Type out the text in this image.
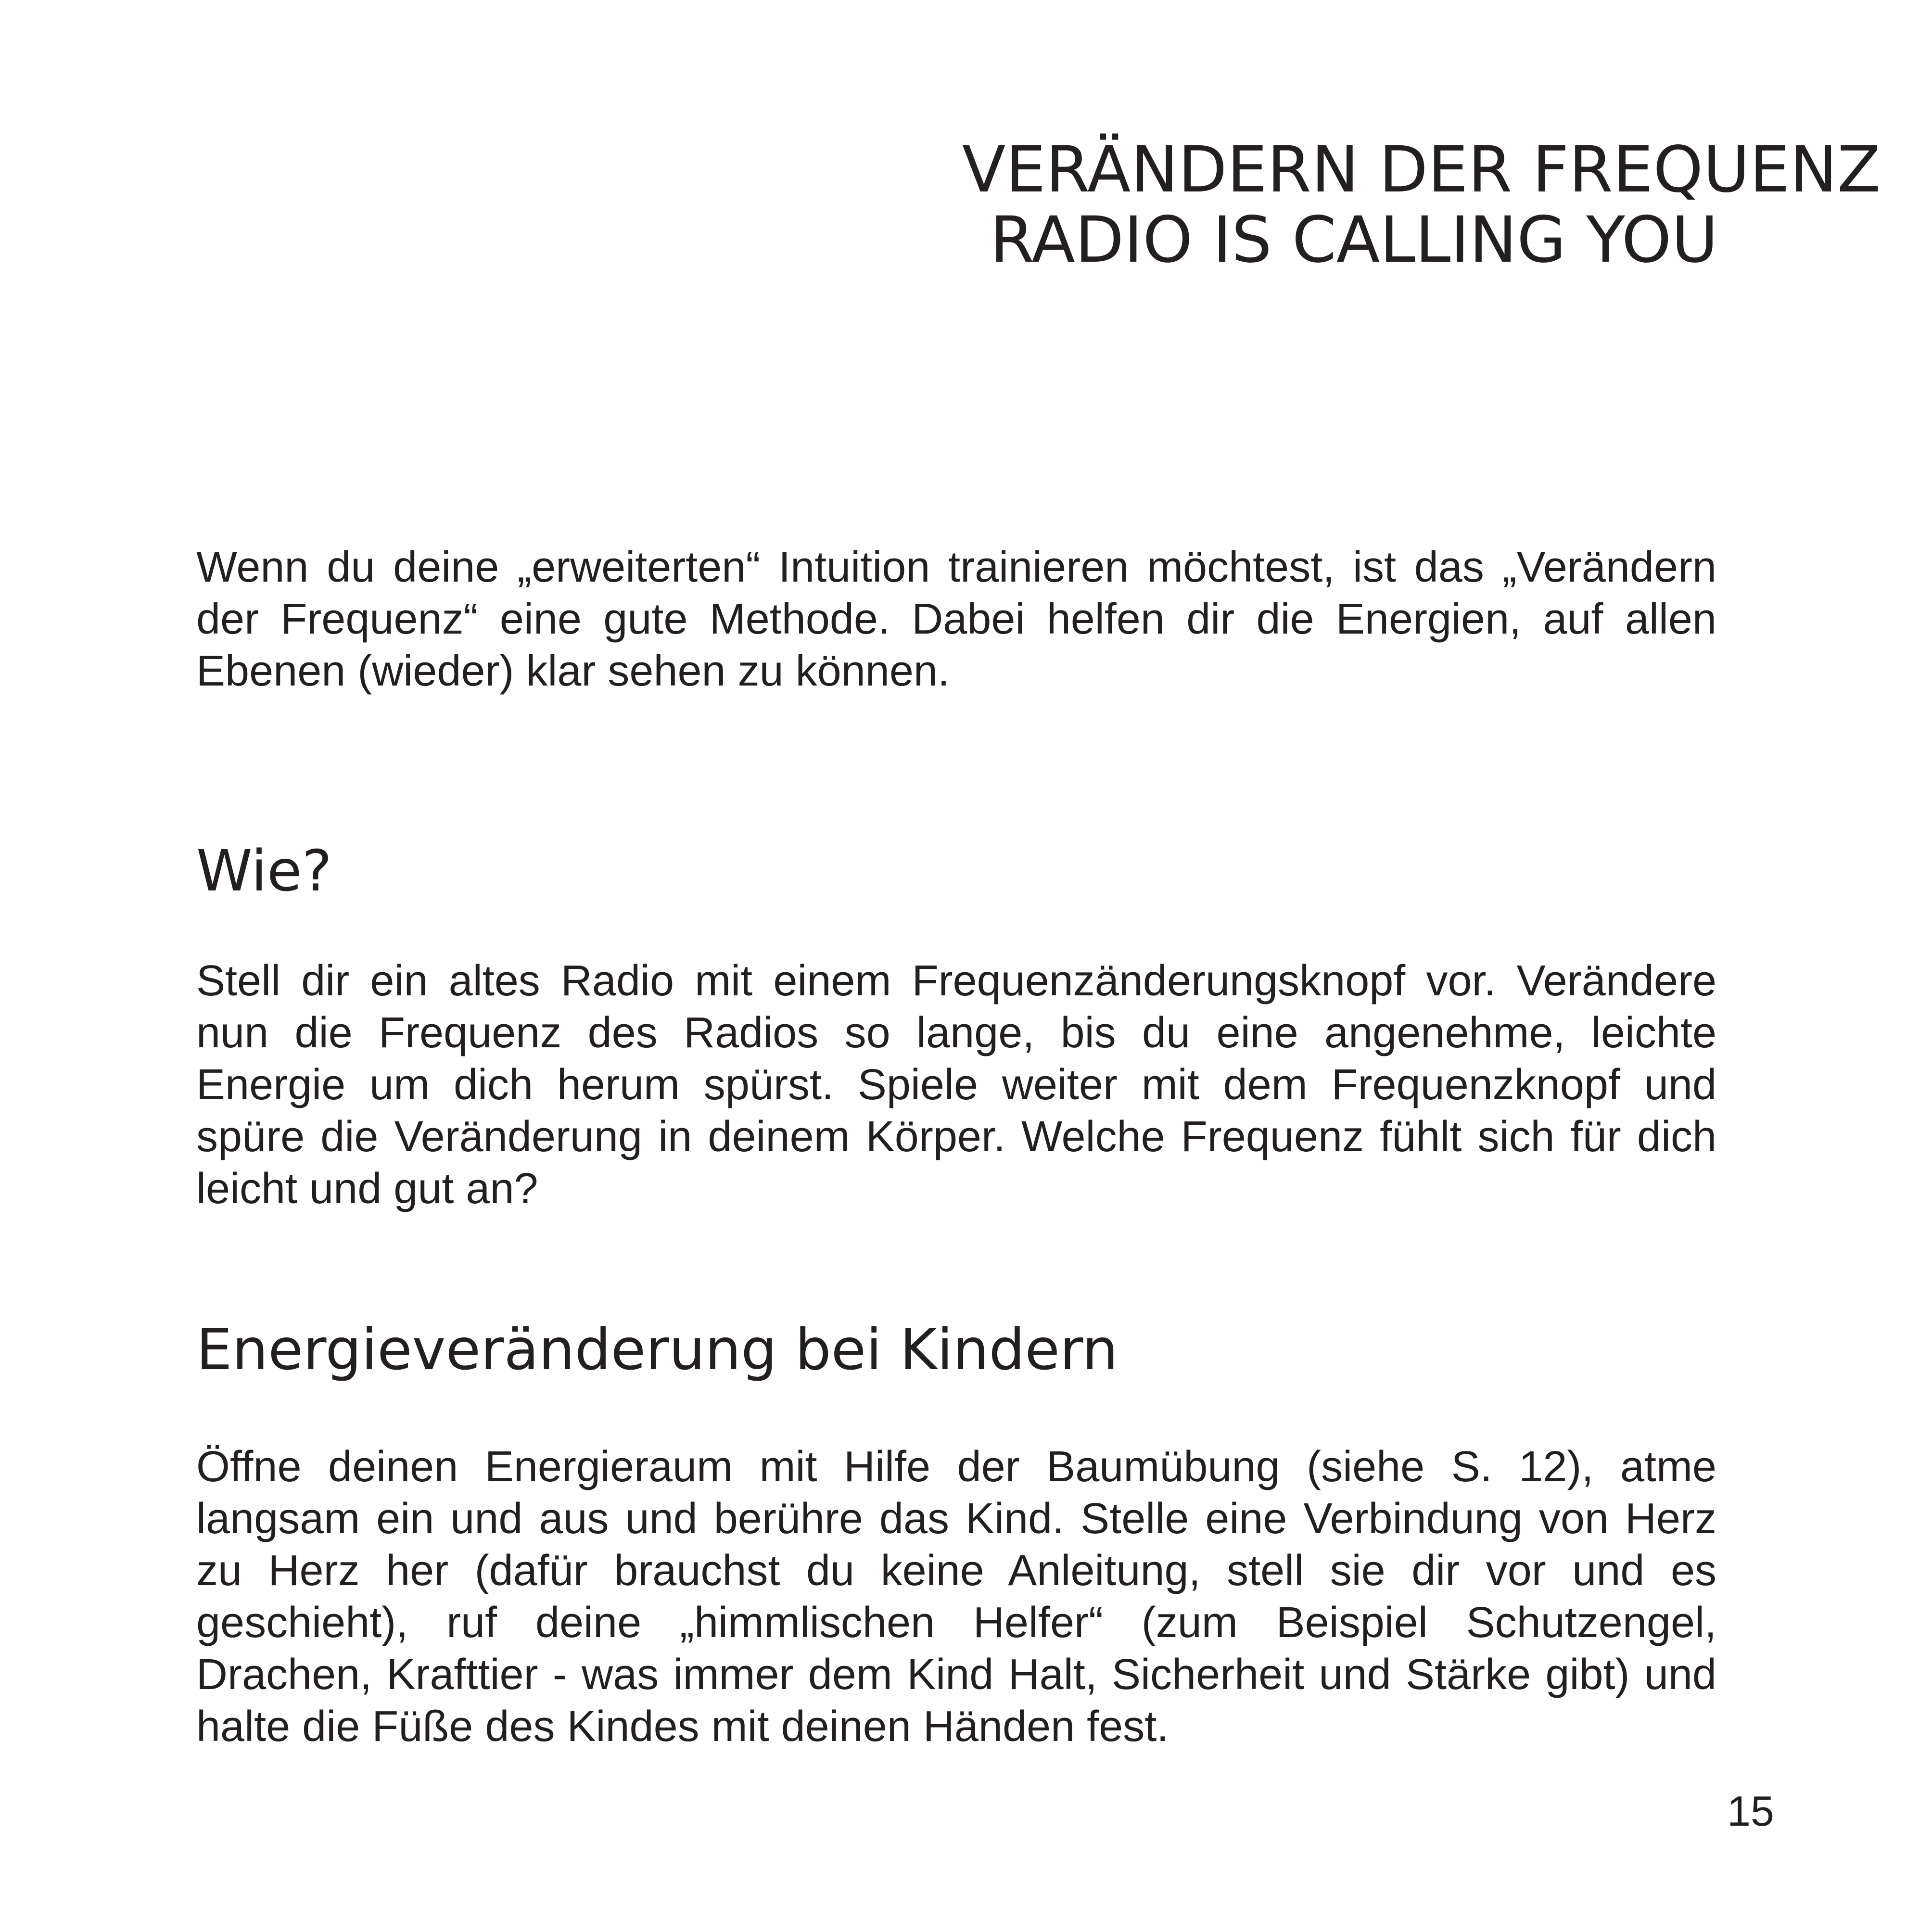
VERÄNDERN DER FREQUENZ
RADIO IS CALLING YOU

Wenn du deine „erweiterten“ Intuition trainieren möchtest, ist das „Verändern der Frequenz“ eine gute Methode. Dabei helfen dir die Energien, auf allen Ebenen (wieder) klar sehen zu können.

Wie?

Stell dir ein altes Radio mit einem Frequenzänderungsknopf vor. Verändere nun die Frequenz des Radios so lange, bis du eine angenehme, leichte Energie um dich herum spürst. Spiele weiter mit dem Frequenzknopf und spüre die Veränderung in deinem Körper. Welche Frequenz fühlt sich für dich leicht und gut an?

Energieveränderung bei Kindern

Öffne deinen Energieraum mit Hilfe der Baumübung (siehe S. 12), atme langsam ein und aus und berühre das Kind. Stelle eine Verbindung von Herz zu Herz her (dafür brauchst du keine Anleitung, stell sie dir vor und es geschieht), ruf deine „himmlischen Helfer“ (zum Beispiel Schutzengel, Drachen, Krafttier - was immer dem Kind Halt, Sicherheit und Stärke gibt) und halte die Füße des Kindes mit deinen Händen fest.

15
